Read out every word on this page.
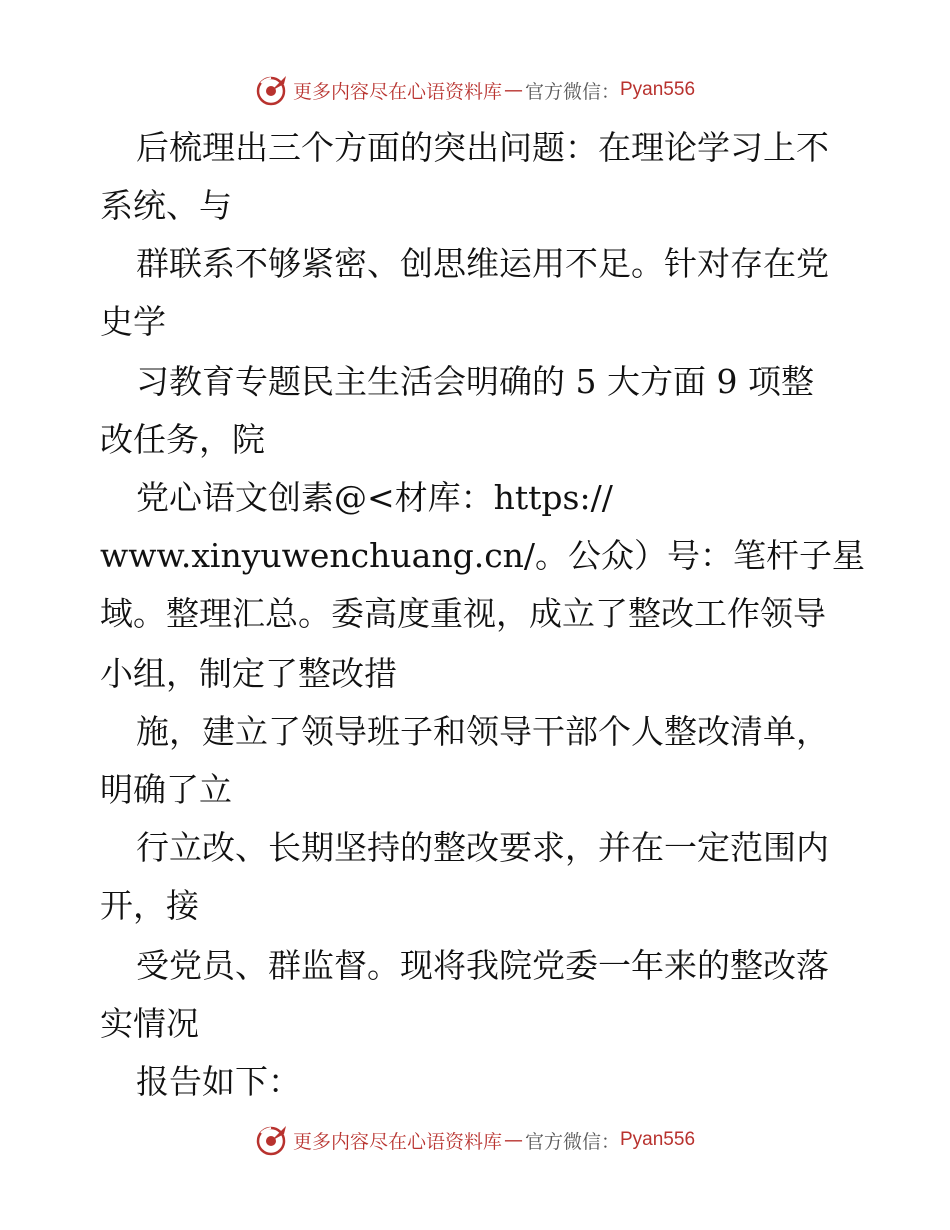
更多内容尽在心语资料库 — 官方微信： Pyan556
后梳理出三个方面的突出问题：在理论学习上不
系统、与
群联系不够紧密、创思维运用不足。针对存在党
史学
习教育专题民主生活会明确的 5 大方面 9 项整
改任务，院
党心语文创素@<材库：https://
www.xinyuwenchuang.cn/。公众）号：笔杆子星
域。整理汇总。委高度重视，成立了整改工作领导
小组，制定了整改措
施，建立了领导班子和领导干部个人整改清单，
明确了立
行立改、长期坚持的整改要求，并在一定范围内
开，接
受党员、群监督。现将我院党委一年来的整改落
实情况
报告如下：
更多内容尽在心语资料库 — 官方微信： Pyan556
